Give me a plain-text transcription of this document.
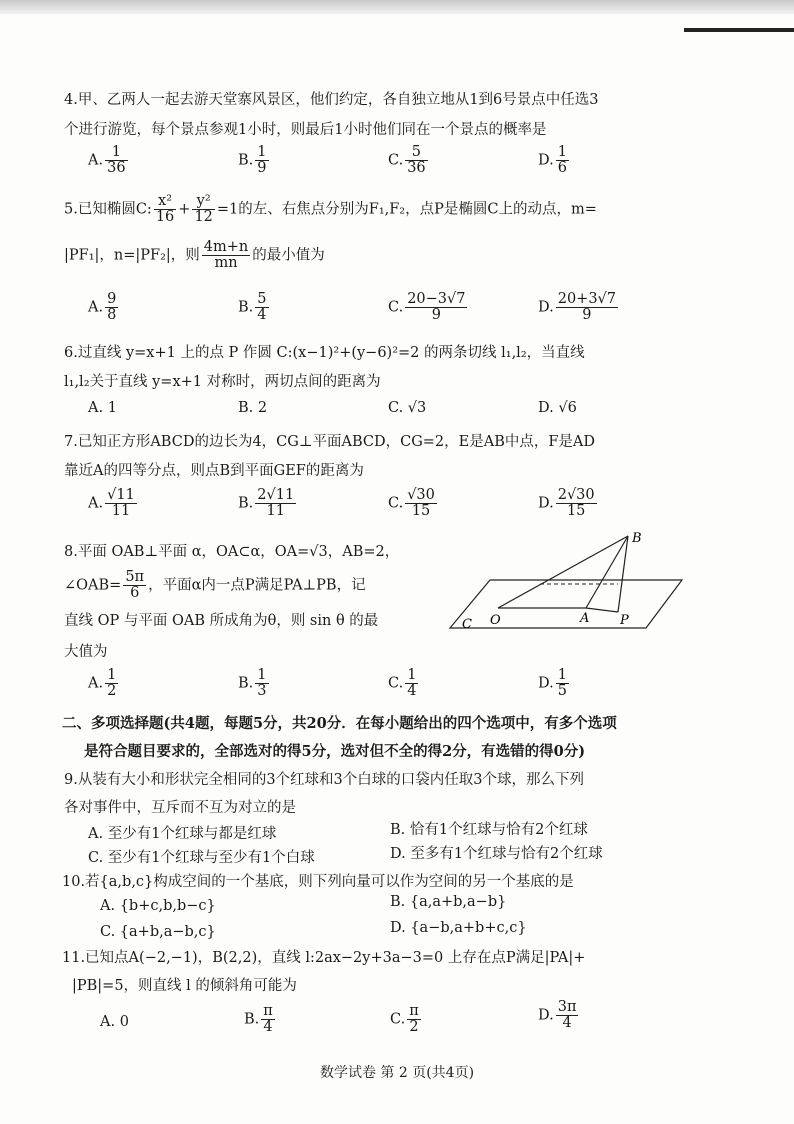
4.甲、乙两人一起去游天堂寨风景区，他们约定，各自独立地从1到6号景点中任选3
个进行游览，每个景点参观1小时，则最后1小时他们同在一个景点的概率是
A. $\frac{1}{36}$	B. $\frac{1}{9}$	C. $\frac{5}{36}$	D. $\frac{1}{6}$
5.已知椭圆C: $\frac{\text{x²}}{16} + \frac{\text{y²}}{12} =1$的左、右焦点分别为F₁,F₂，点P是椭圆C上的动点，m=
|PF₁|，n=|PF₂|，则 $\frac{4m+n}{mn}$ 的最小值为
A. $\frac{9}{8}$	B. $\frac{5}{4}$	C. $\frac{20-3√7}{9}$	D. $\frac{20+3√7}{9}$
6.过直线 y=x+1 上的点 P 作圆 C:(x−1)²+(y−6)²=2 的两条切线 l₁,l₂，当直线
l₁,l₂关于直线 y=x+1 对称时，两切点间的距离为
A. 1	B. 2	C. √3	D. √6
7.已知正方形ABCD的边长为4，CG⊥平面ABCD，CG=2，E是AB中点，F是AD
靠近A的四等分点，则点B到平面GEF的距离为
A. $\frac{√11}{11}$	B. $\frac{2√11}{11}$	C. $\frac{√30}{15}$	D. $\frac{2√30}{15}$
8.平面 OAB⊥平面 α，OA⊂α，OA=√3，AB=2，
∠OAB= $\frac{5\pi}{6}$ ，平面α内一点P满足PA⊥PB，记
直线 OP 与平面 OAB 所成角为θ，则 sin θ 的最
大值为
B
O	A P
C
A. $\frac{1}{2}$	B. $\frac{1}{3}$	C. $\frac{1}{4}$	D. $\frac{1}{5}$
二、多项选择题(共4题，每题5分，共20分．在每小题给出的四个选项中，有多个选项
是符合题目要求的，全部选对的得5分，选对但不全的得2分，有选错的得0分)
9.从装有大小和形状完全相同的3个红球和3个白球的口袋内任取3个球，那么下列
各对事件中，互斥而不互为对立的是
A. 至少有1个红球与都是红球	B. 恰有1个红球与恰有2个红球
C. 至少有1个红球与至少有1个白球	D. 至多有1个红球与恰有2个红球
10.若{a,b,c}构成空间的一个基底，则下列向量可以作为空间的另一个基底的是
A. {b+c,b,b−c}	B. {a,a+b,a−b}
C. {a+b,a−b,c}	D. {a−b,a+b+c,c}
11.已知点A(−2,−1)，B(2,2)，直线 l:2ax−2y+3a−3=0 上存在点P满足|PA|+
|PB|=5，则直线 l 的倾斜角可能为
A. 0	B. $\frac{\pi}{4}$	C. $\frac{\pi}{2}$	D. $\frac{3\pi}{4}$
数学试卷 第 2 页(共4页)
